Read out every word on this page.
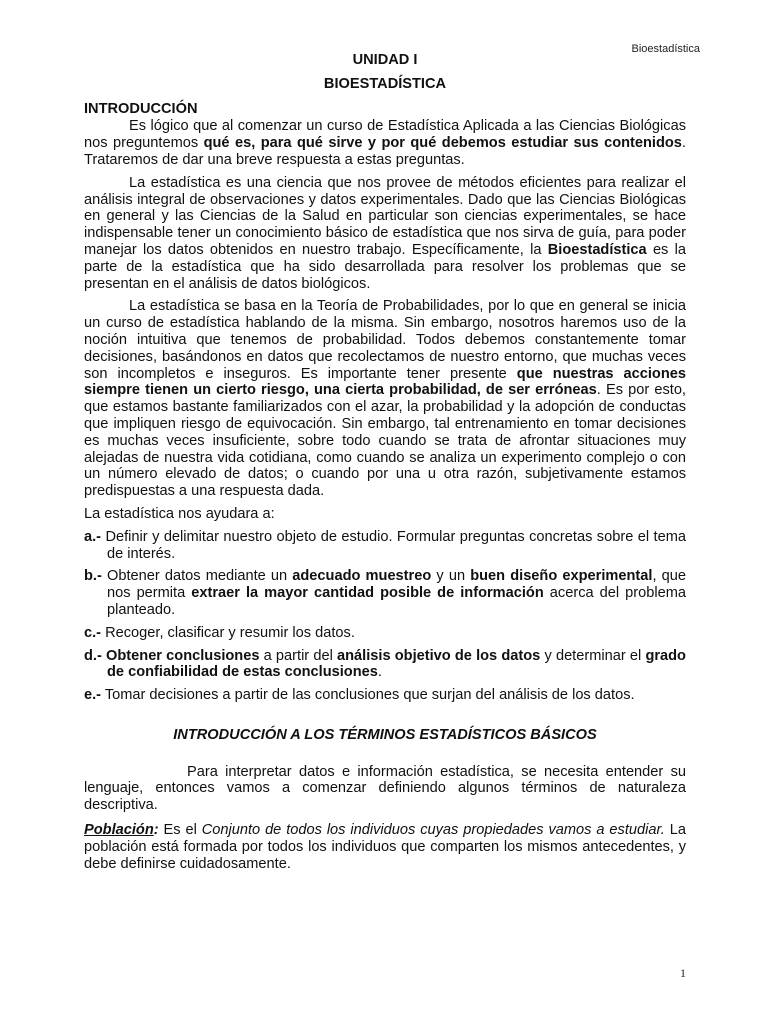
Bioestadística
UNIDAD I
BIOESTADÍSTICA
INTRODUCCIÓN

Es lógico que al comenzar un curso de Estadística Aplicada a las Ciencias Biológicas nos preguntemos qué es, para qué sirve y por qué debemos estudiar sus contenidos. Trataremos de dar una breve respuesta a estas preguntas.

La estadística es una ciencia que nos provee de métodos eficientes para realizar el análisis integral de observaciones y datos experimentales. Dado que las Ciencias Biológicas en general y las Ciencias de la Salud en particular son ciencias experimentales, se hace indispensable tener un conocimiento básico de estadística que nos sirva de guía, para poder manejar los datos obtenidos en nuestro trabajo. Específicamente, la Bioestadística es la parte de la estadística que ha sido desarrollada para resolver los problemas que se presentan en el análisis de datos biológicos.

La estadística se basa en la Teoría de Probabilidades, por lo que en general se inicia un curso de estadística hablando de la misma. Sin embargo, nosotros haremos uso de la noción intuitiva que tenemos de probabilidad. Todos debemos constantemente tomar decisiones, basándonos en datos que recolectamos de nuestro entorno, que muchas veces son incompletos e inseguros. Es importante tener presente que nuestras acciones siempre tienen un cierto riesgo, una cierta probabilidad, de ser erróneas. Es por esto, que estamos bastante familiarizados con el azar, la probabilidad y la adopción de conductas que impliquen riesgo de equivocación. Sin embargo, tal entrenamiento en tomar decisiones es muchas veces insuficiente, sobre todo cuando se trata de afrontar situaciones muy alejadas de nuestra vida cotidiana, como cuando se analiza un experimento complejo o con un número elevado de datos; o cuando por una u otra razón, subjetivamente estamos predispuestas a una respuesta dada.

La estadística nos ayudara a:

a.- Definir y delimitar nuestro objeto de estudio. Formular preguntas concretas sobre el tema de interés.
b.- Obtener datos mediante un adecuado muestreo y un buen diseño experimental, que nos permita extraer la mayor cantidad posible de información acerca del problema planteado.
c.- Recoger, clasificar y resumir los datos.
d.- Obtener conclusiones a partir del análisis objetivo de los datos y determinar el grado de confiabilidad de estas conclusiones.
e.- Tomar decisiones a partir de las conclusiones que surjan del análisis de los datos.
INTRODUCCIÓN A LOS TÉRMINOS ESTADÍSTICOS BÁSICOS

Para interpretar datos e información estadística, se necesita entender su lenguaje, entonces vamos a comenzar definiendo algunos términos de naturaleza descriptiva.

Población: Es el Conjunto de todos los individuos cuyas propiedades vamos a estudiar. La población está formada por todos los individuos que comparten los mismos antecedentes, y debe definirse cuidadosamente.

1
